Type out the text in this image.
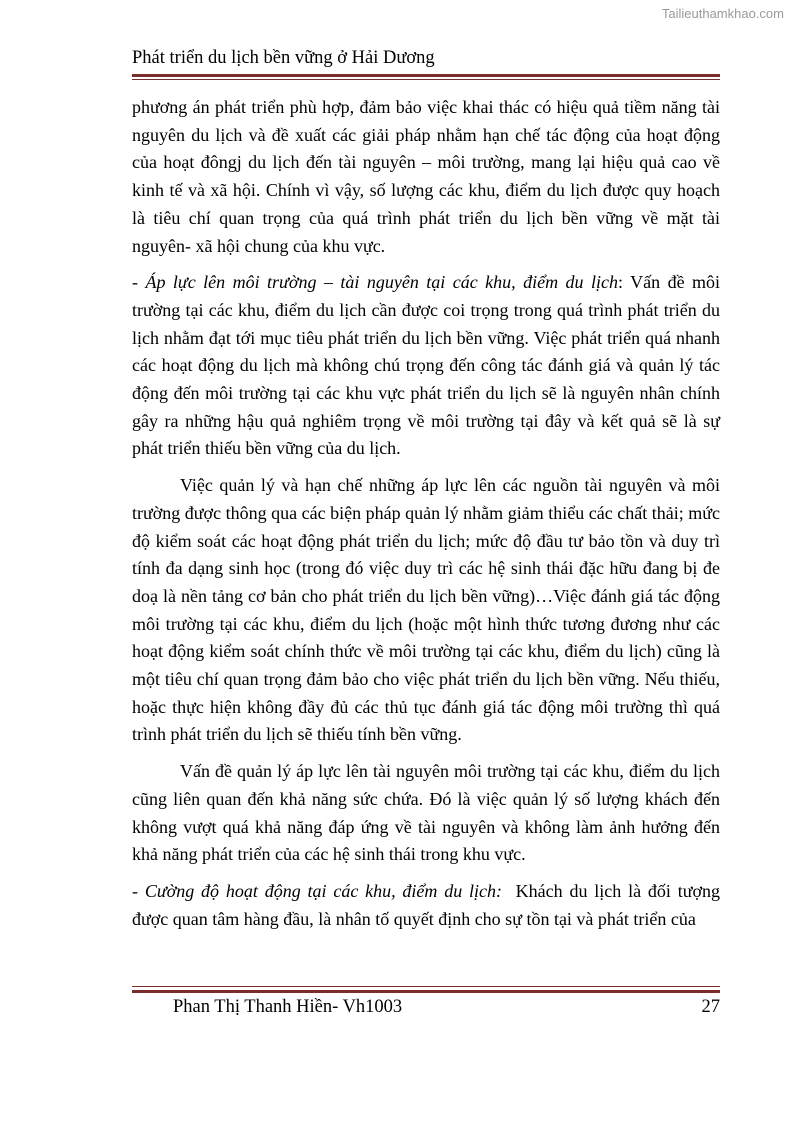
Tailieuthamkhao.com
Phát triển du lịch bền vững ở Hải Dương

phương án phát triển phù hợp, đảm bảo việc khai thác có hiệu quả tiềm năng tài nguyên du lịch và đề xuất các giải pháp nhằm hạn chế tác động của hoạt động của hoạt đôngj du lịch đến tài nguyên – môi trường, mang lại hiệu quả cao về kinh tế và xã hội. Chính vì vậy, số lượng các khu, điểm du lịch được quy hoạch là tiêu chí quan trọng của quá trình phát triển du lịch bền vững về mặt tài nguyên- xã hội chung của khu vực.

- Áp lực lên môi trường – tài nguyên tại các khu, điểm du lịch: Vấn đề môi trường tại các khu, điểm du lịch cần được coi trọng trong quá trình phát triển du lịch nhằm đạt tới mục tiêu phát triển du lịch bền vững. Việc phát triển quá nhanh các hoạt động du lịch mà không chú trọng đến công tác đánh giá và quản lý tác động đến môi trường tại các khu vực phát triển du lịch sẽ là nguyên nhân chính gây ra những hậu quả nghiêm trọng về môi trường tại đây và kết quả sẽ là sự phát triển thiếu bền vững của du lịch.

Việc quản lý và hạn chế những áp lực lên các nguồn tài nguyên và môi trường được thông qua các biện pháp quản lý nhằm giảm thiểu các chất thải; mức độ kiểm soát các hoạt động phát triển du lịch; mức độ đầu tư bảo tồn và duy trì tính đa dạng sinh học (trong đó việc duy trì các hệ sinh thái đặc hữu đang bị đe doạ là nền tảng cơ bản cho phát triển du lịch bền vững)…Việc đánh giá tác động môi trường tại các khu, điểm du lịch (hoặc một hình thức tương đương như các hoạt động kiểm soát chính thức về môi trường tại các khu, điểm du lịch) cũng là một tiêu chí quan trọng đảm bảo cho việc phát triển du lịch bền vững. Nếu thiếu, hoặc thực hiện không đầy đủ các thủ tục đánh giá tác động môi trường thì quá trình phát triển du lịch sẽ thiếu tính bền vững.

Vấn đề quản lý áp lực lên tài nguyên môi trường tại các khu, điểm du lịch cũng liên quan đến khả năng sức chứa. Đó là việc quản lý số lượng khách đến không vượt quá khả năng đáp ứng về tài nguyên và không làm ảnh hưởng đến khả năng phát triển của các hệ sinh thái trong khu vực.

- Cường độ hoạt động tại các khu, điểm du lịch:  Khách du lịch là đối tượng được quan tâm hàng đầu, là nhân tố quyết định cho sự tồn tại và phát triển của

Phan Thị Thanh Hiền- Vh1003	27
